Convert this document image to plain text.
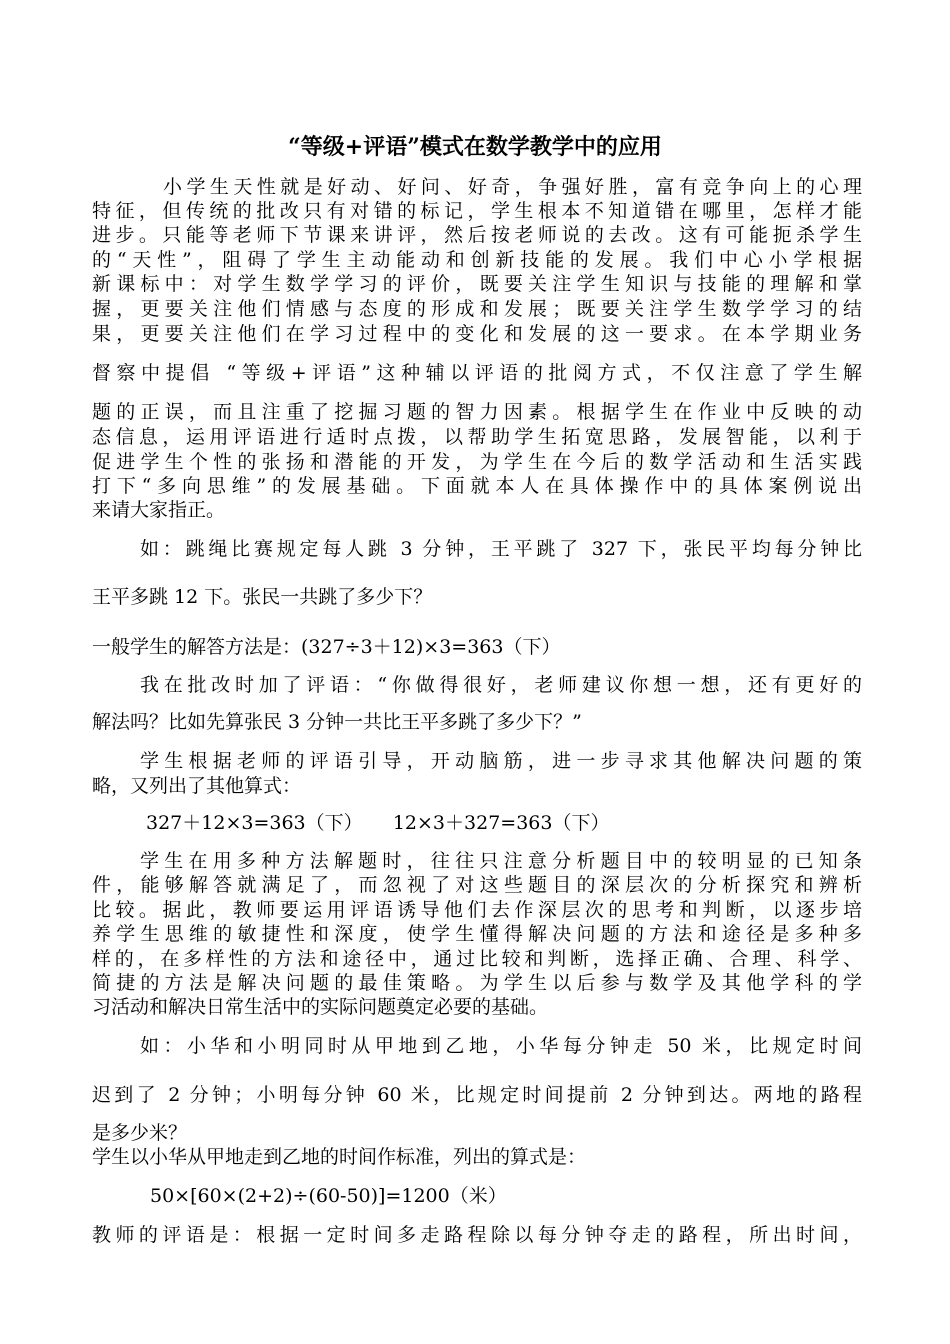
“等级+评语”模式在数学教学中的应用
小学生天性就是好动、好问、好奇，争强好胜，富有竞争向上的心理
特征，但传统的批改只有对错的标记，学生根本不知道错在哪里，怎样才能
进步。只能等老师下节课来讲评，然后按老师说的去改。这有可能扼杀学生
的“天性”，阻碍了学生主动能动和创新技能的发展。我们中心小学根据
新课标中：对学生数学学习的评价，既要关注学生知识与技能的理解和掌
握，更要关注他们情感与态度的形成和发展；既要关注学生数学学习的结
果，更要关注他们在学习过程中的变化和发展的这一要求。在本学期业务
督察中提倡 “等级+评语”这种辅以评语的批阅方式，不仅注意了学生解
题的正误，而且注重了挖掘习题的智力因素。根据学生在作业中反映的动
态信息，运用评语进行适时点拨，以帮助学生拓宽思路，发展智能，以利于
促进学生个性的张扬和潜能的开发，为学生在今后的数学活动和生活实践
打下“多向思维”的发展基础。下面就本人在具体操作中的具体案例说出
来请大家指正。
如：跳绳比赛规定每人跳 3 分钟，王平跳了 327 下，张民平均每分钟比
王平多跳 12 下。张民一共跳了多少下？
一般学生的解答方法是：(327÷3＋12)×3=363（下）
我在批改时加了评语：“你做得很好，老师建议你想一想，还有更好的
解法吗？比如先算张民 3 分钟一共比王平多跳了多少下？”
学生根据老师的评语引导，开动脑筋，进一步寻求其他解决问题的策
略，又列出了其他算式：
327＋12×3=363（下）     12×3＋327=363（下）
学生在用多种方法解题时，往往只注意分析题目中的较明显的已知条
件，能够解答就满足了，而忽视了对这些题目的深层次的分析探究和辨析
比较。据此，教师要运用评语诱导他们去作深层次的思考和判断，以逐步培
养学生思维的敏捷性和深度，使学生懂得解决问题的方法和途径是多种多
样的，在多样性的方法和途径中，通过比较和判断，选择正确、合理、科学、
简捷的方法是解决问题的最佳策略。为学生以后参与数学及其他学科的学
习活动和解决日常生活中的实际问题奠定必要的基础。
如：小华和小明同时从甲地到乙地，小华每分钟走 50 米，比规定时间
迟到了 2 分钟；小明每分钟 60 米，比规定时间提前 2 分钟到达。两地的路程
是多少米？
学生以小华从甲地走到乙地的时间作标准，列出的算式是：
50×[60×(2+2)÷(60-50)]=1200（米）
教师的评语是：根据一定时间多走路程除以每分钟夺走的路程，所出时间，
